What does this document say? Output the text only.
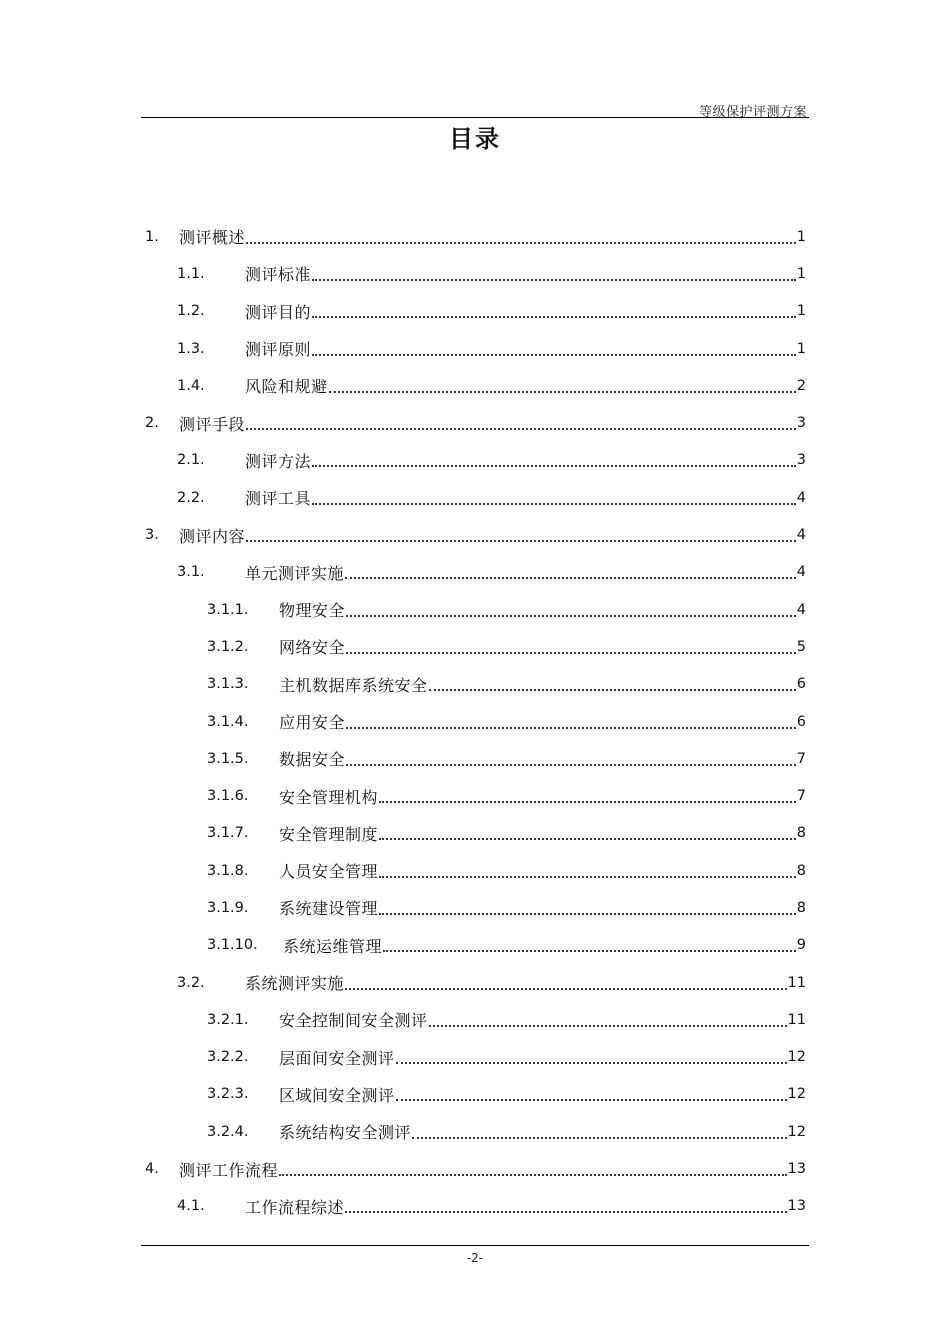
等级保护评测方案
目录
1.	测评概述	1
1.1.	测评标准	1
1.2.	测评目的	1
1.3.	测评原则	1
1.4.	风险和规避	2
2.	测评手段	3
2.1.	测评方法	3
2.2.	测评工具	4
3.	测评内容	4
3.1.	单元测评实施	4
3.1.1.	物理安全	4
3.1.2.	网络安全	5
3.1.3.	主机数据库系统安全	6
3.1.4.	应用安全	6
3.1.5.	数据安全	7
3.1.6.	安全管理机构	7
3.1.7.	安全管理制度	8
3.1.8.	人员安全管理	8
3.1.9.	系统建设管理	8
3.1.10.	系统运维管理	9
3.2.	系统测评实施	11
3.2.1.	安全控制间安全测评	11
3.2.2.	层面间安全测评	12
3.2.3.	区域间安全测评	12
3.2.4.	系统结构安全测评	12
4.	测评工作流程	13
4.1.	工作流程综述	13
-2-
